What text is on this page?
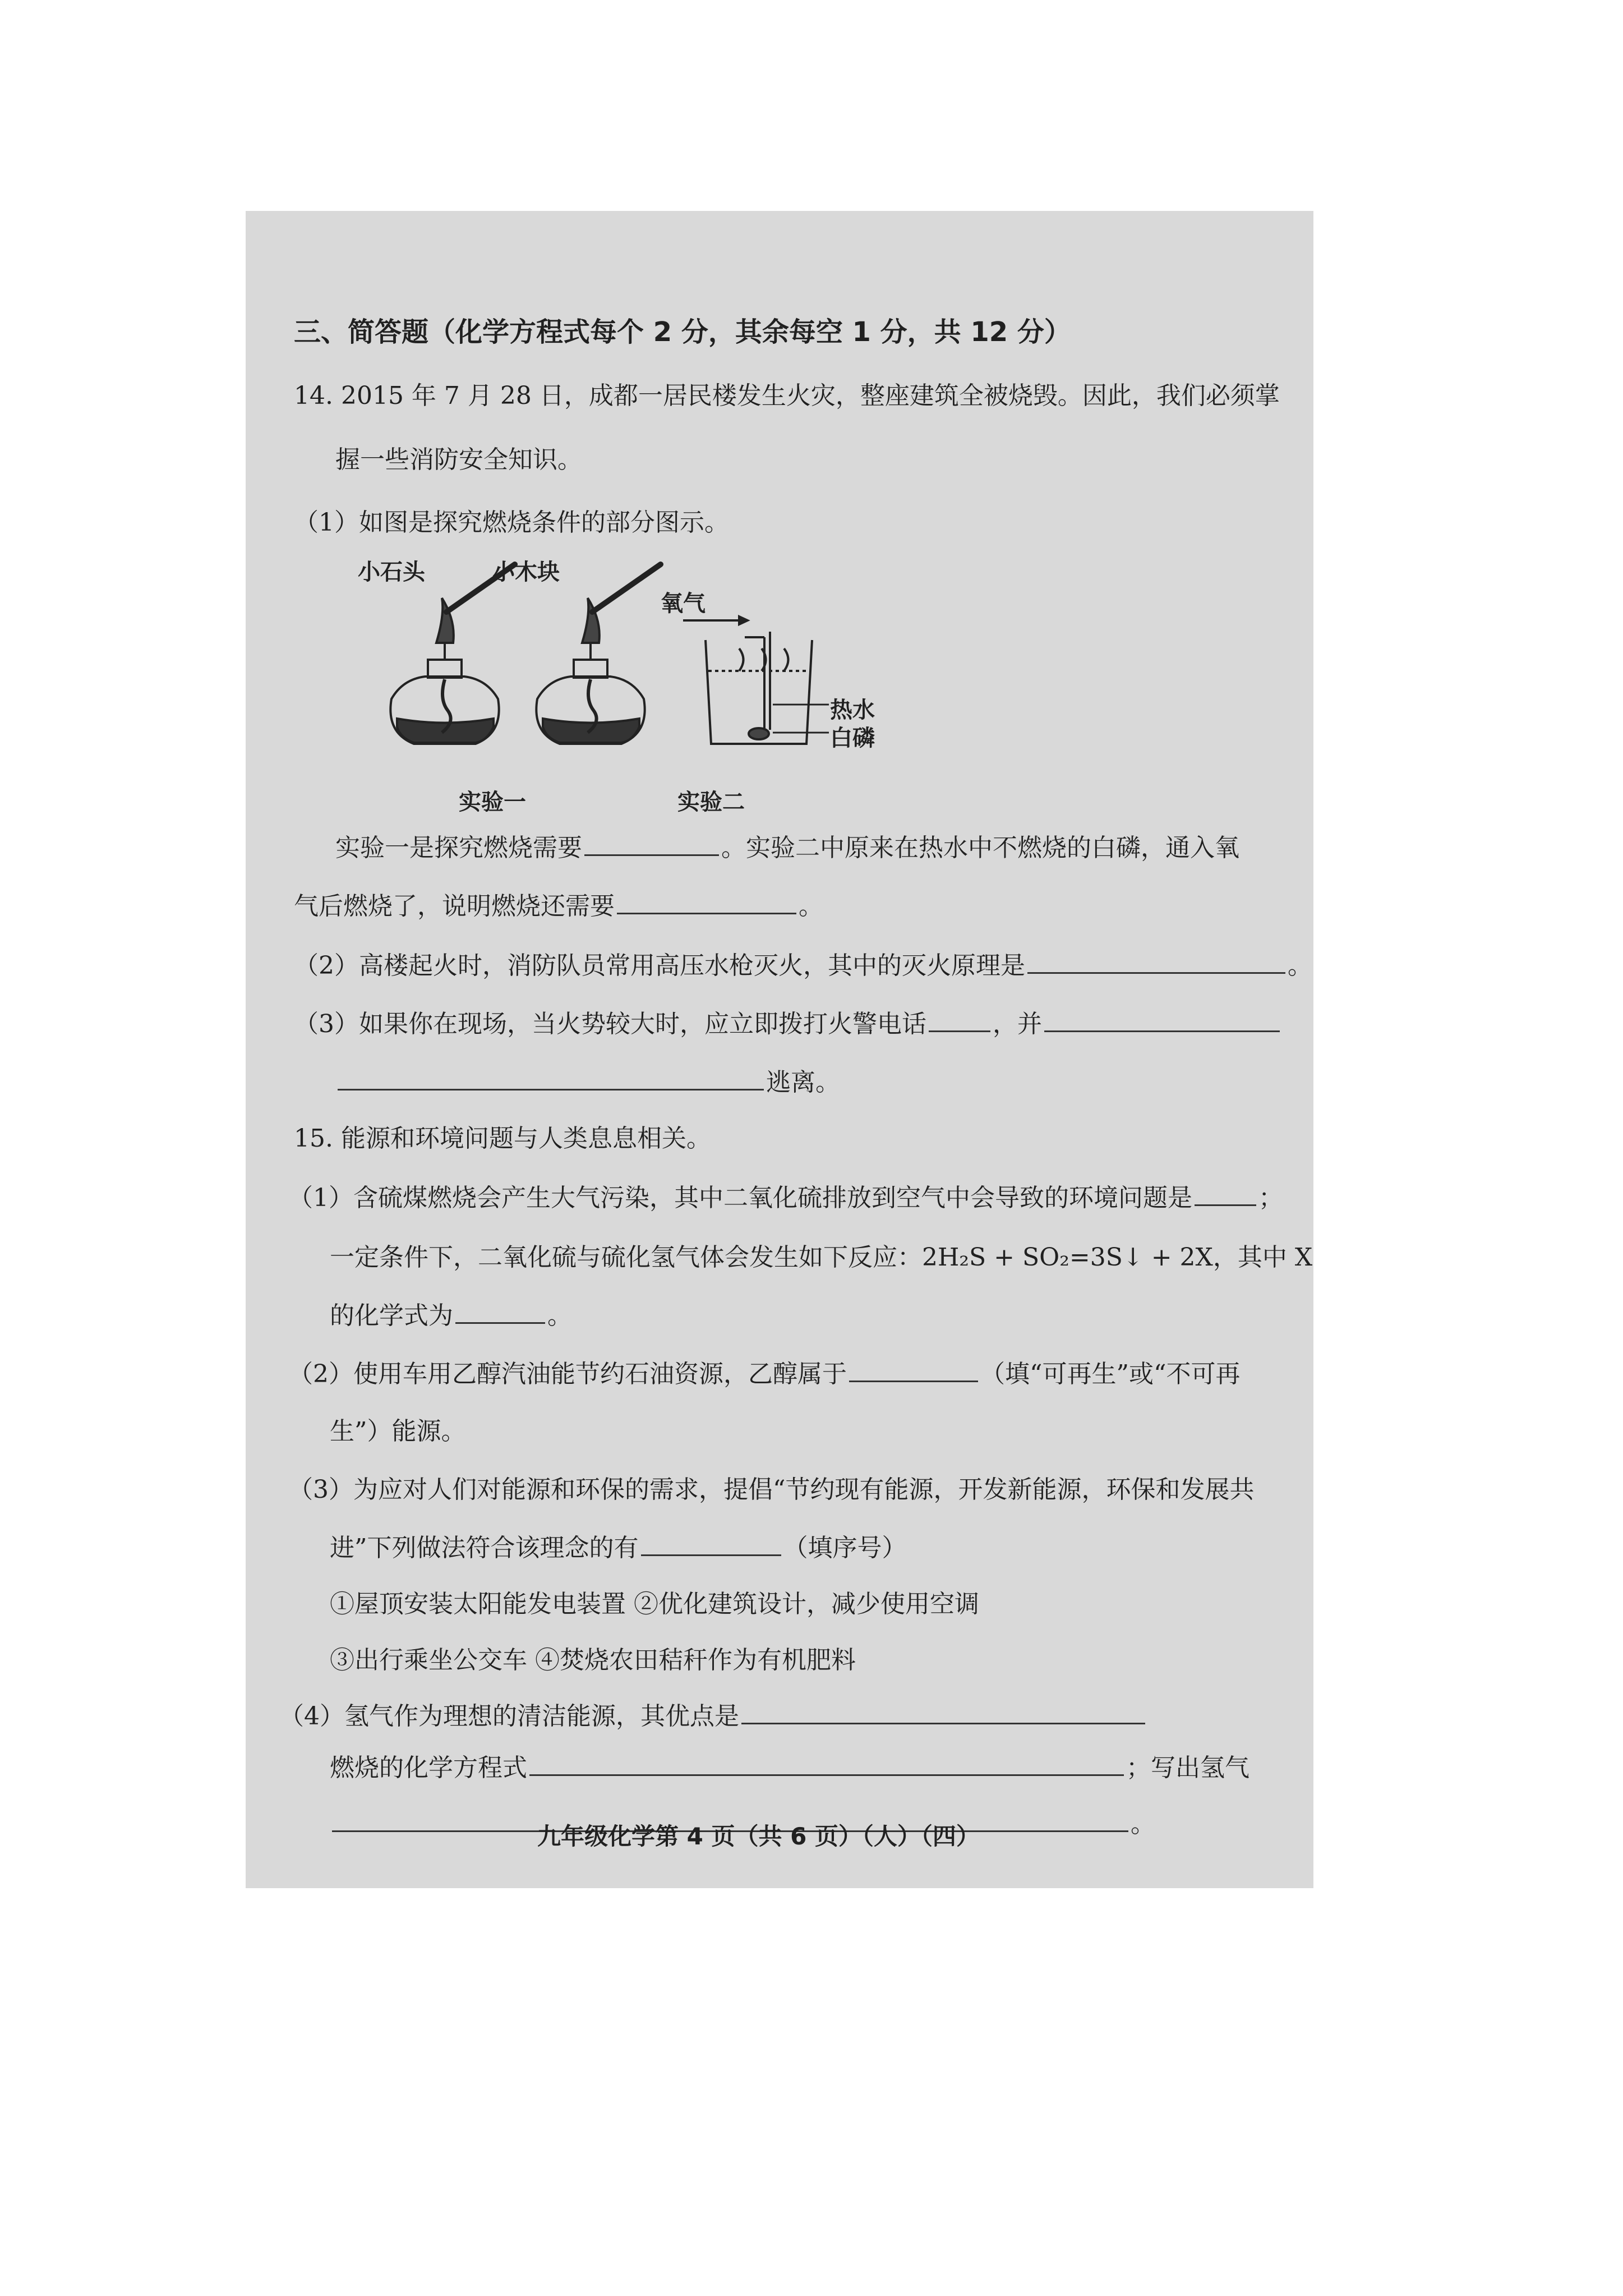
三、简答题（化学方程式每个 2 分，其余每空 1 分，共 12 分）
14. 2015 年 7 月 28 日，成都一居民楼发生火灾，整座建筑全被烧毁。因此，我们必须掌
握一些消防安全知识。
（1）如图是探究燃烧条件的部分图示。
小石头	小木块
氧气
热水
白磷
实验一	实验二
实验一是探究燃烧需要	。实验二中原来在热水中不燃烧的白磷，通入氧
气后燃烧了，说明燃烧还需要	。
（2）高楼起火时，消防队员常用高压水枪灭火，其中的灭火原理是	。
（3）如果你在现场，当火势较大时，应立即拨打火警电话	，并
逃离。
15. 能源和环境问题与人类息息相关。
（1）含硫煤燃烧会产生大气污染，其中二氧化硫排放到空气中会导致的环境问题是	；
一定条件下，二氧化硫与硫化氢气体会发生如下反应：2H₂S + SO₂=3S↓ + 2X，其中 X
的化学式为	。
（2）使用车用乙醇汽油能节约石油资源，乙醇属于	（填“可再生”或“不可再
生”）能源。
（3）为应对人们对能源和环保的需求，提倡“节约现有能源，开发新能源，环保和发展共
进”下列做法符合该理念的有	（填序号）
①屋顶安装太阳能发电装置 ②优化建筑设计，减少使用空调
③出行乘坐公交车 ④焚烧农田秸秆作为有机肥料
（4）氢气作为理想的清洁能源，其优点是
燃烧的化学方程式	；写出氢气
。
九年级化学第 4 页（共 6 页）（人）（四）
